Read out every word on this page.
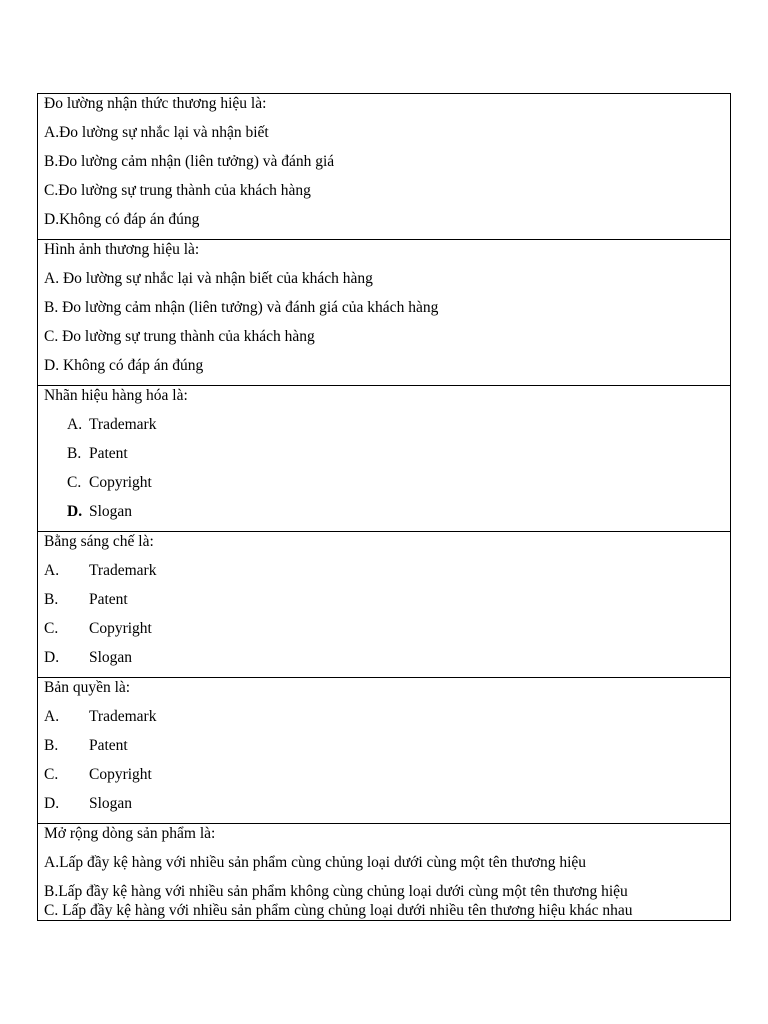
Đo lường nhận thức thương hiệu là:
A.Đo lường sự nhắc lại và nhận biết
B.Đo lường cảm nhận (liên tưởng) và đánh giá
C.Đo lường sự trung thành của khách hàng
D.Không có đáp án đúng
Hình ảnh thương hiệu là:
A. Đo lường sự nhắc lại và nhận biết của khách hàng
B. Đo lường cảm nhận (liên tưởng) và đánh giá của khách hàng
C. Đo lường sự trung thành của khách hàng
D. Không có đáp án đúng
Nhãn hiệu hàng hóa là:
A. Trademark
B. Patent
C. Copyright
D. Slogan
Bằng sáng chế là:
A. Trademark
B. Patent
C. Copyright
D. Slogan
Bản quyền là:
A. Trademark
B. Patent
C. Copyright
D. Slogan
Mở rộng dòng sản phẩm là:
A.Lấp đầy kệ hàng với nhiều sản phẩm cùng chủng loại dưới cùng một tên thương hiệu
B.Lấp đầy kệ hàng với nhiều sản phẩm không cùng chủng loại dưới cùng một tên thương hiệu
C. Lấp đầy kệ hàng với nhiều sản phẩm cùng chủng loại dưới nhiều tên thương hiệu khác nhau
